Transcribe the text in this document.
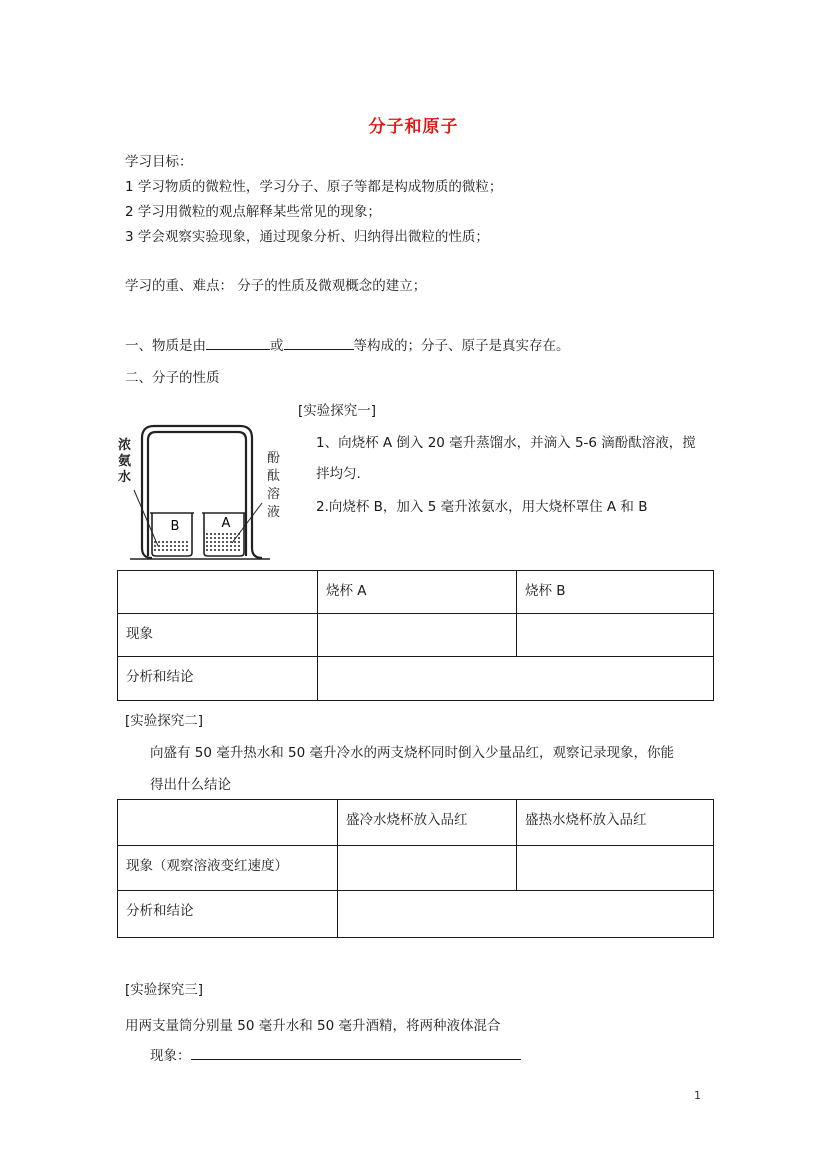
分子和原子
学习目标：
1 学习物质的微粒性，学习分子、原子等都是构成物质的微粒；
2 学习用微粒的观点解释某些常见的现象；
3 学会观察实验现象，通过现象分析、归纳得出微粒的性质；
学习的重、难点： 分子的性质及微观概念的建立；
一、物质是由	或	等构成的；分子、原子是真实存在。
二、分子的性质
[实验探究一]
B	A
浓
氨
水
酚
酞
溶
液
1、向烧杯 A 倒入 20 毫升蒸馏水，并滴入 5-6 滴酚酞溶液，搅
拌均匀.
2.向烧杯 B，加入 5 毫升浓氨水，用大烧杯罩住 A 和 B
	烧杯 A	烧杯 B
现象		
分析和结论		
[实验探究二]
向盛有 50 毫升热水和 50 毫升冷水的两支烧杯同时倒入少量品红，观察记录现象，你能
得出什么结论
	盛冷水烧杯放入品红	盛热水烧杯放入品红
现象（观察溶液变红速度）		
分析和结论		
[实验探究三]
用两支量筒分别量 50 毫升水和 50 毫升酒精，将两种液体混合
现象：
1
